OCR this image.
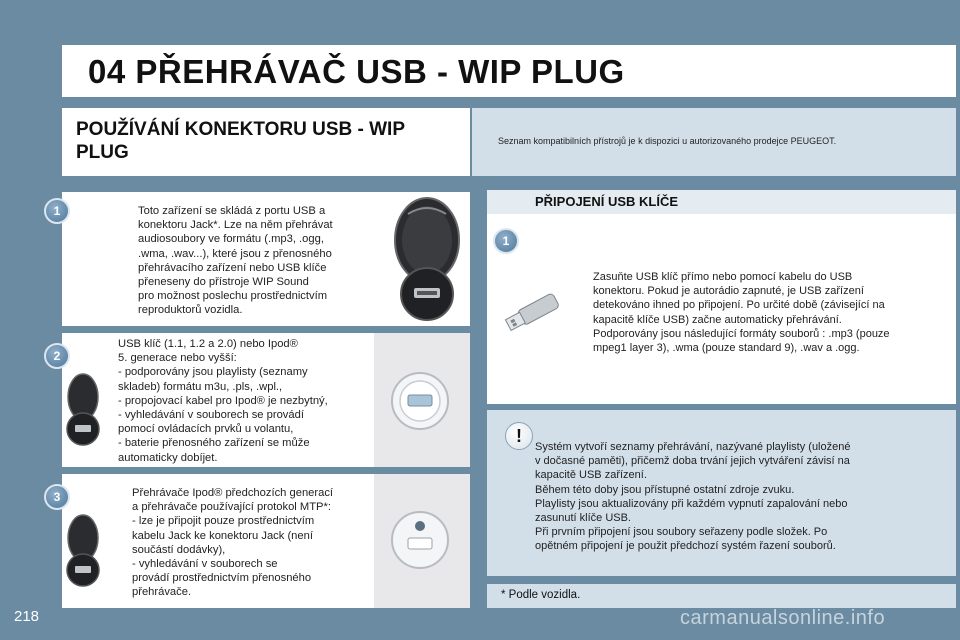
04 PŘEHRÁVAČ USB - WIP PLUG
POUŽÍVÁNÍ KONEKTORU USB - WIP PLUG
Seznam kompatibilních přístrojů je k dispozici u autorizovaného prodejce PEUGEOT.
1	Toto zařízení se skládá z portu USB a
konektoru Jack*. Lze na něm přehrávat
audiosoubory ve formátu (.mp3, .ogg,
.wma, .wav...), které jsou z přenosného
přehrávacího zařízení nebo USB klíče
přeneseny do přístroje WIP Sound
pro možnost poslechu prostřednictvím
reproduktorů vozidla.
2
USB klíč (1.1, 1.2 a 2.0) nebo Ipod®
5. generace nebo vyšší:
- podporovány jsou playlisty (seznamy
skladeb) formátu m3u, .pls, .wpl.,
- propojovací kabel pro Ipod® je nezbytný,
- vyhledávání v souborech se provádí
pomocí ovládacích prvků u volantu,
- baterie přenosného zařízení se může
automaticky dobíjet.
3	Přehrávače Ipod® předchozích generací
a přehrávače používající protokol MTP*:
- lze je připojit pouze prostřednictvím
kabelu Jack ke konektoru Jack (není
součástí dodávky),
- vyhledávání v souborech se
provádí prostřednictvím přenosného
přehrávače.
PŘIPOJENÍ USB KLÍČE
1
Zasuňte USB klíč přímo nebo pomocí kabelu do USB
konektoru. Pokud je autorádio zapnuté, je USB zařízení
detekováno ihned po připojení. Po určité době (závisející na
kapacitě klíče USB) začne automaticky přehrávání.
Podporovány jsou následující formáty souborů : .mp3 (pouze
mpeg1 layer 3), .wma (pouze standard 9), .wav a .ogg.
!
Systém vytvoří seznamy přehrávání, nazývané playlisty (uložené
v dočasné paměti), přičemž doba trvání jejich vytváření závisí na
kapacitě USB zařízení.
Během této doby jsou přístupné ostatní zdroje zvuku.
Playlisty jsou aktualizovány při každém vypnutí zapalování nebo
zasunutí klíče USB.
Při prvním připojení jsou soubory seřazeny podle složek. Po
opětném připojení je použit předchozí systém řazení souborů.
* Podle vozidla.
218	carmanualsonline.info
